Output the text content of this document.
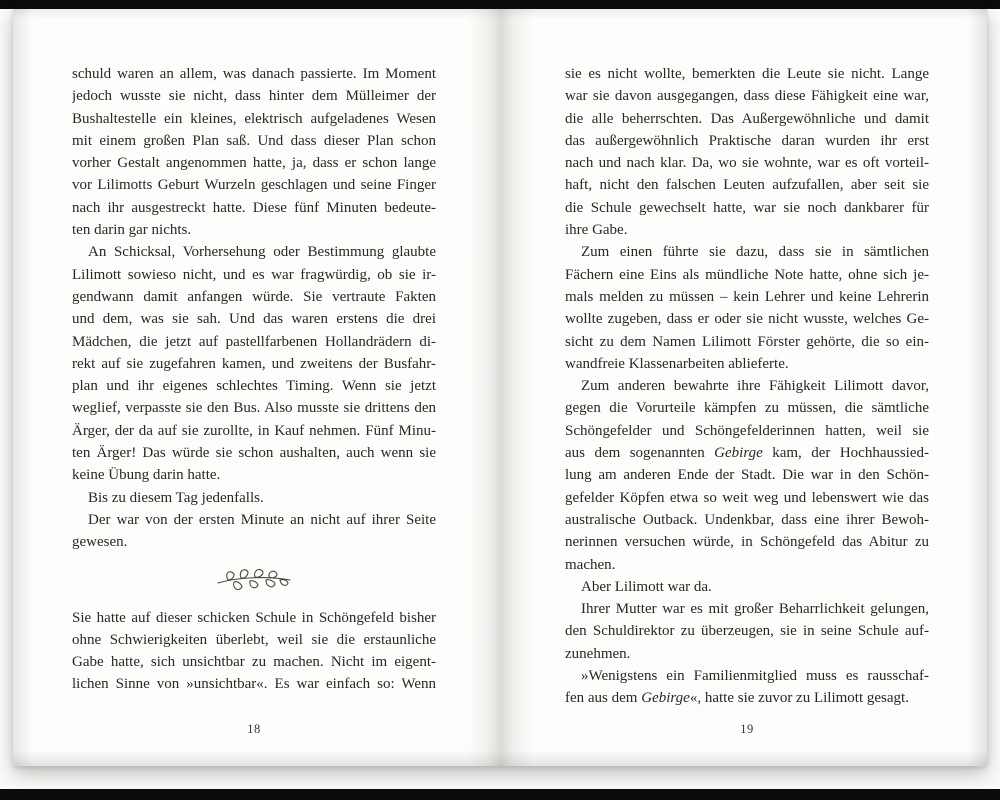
schuld waren an allem, was danach passierte. Im Moment
jedoch wusste sie nicht, dass hinter dem Mülleimer der
Bushaltestelle ein kleines, elektrisch aufgeladenes Wesen
mit einem großen Plan saß. Und dass dieser Plan schon
vorher Gestalt angenommen hatte, ja, dass er schon lange
vor Lilimotts Geburt Wurzeln geschlagen und seine Finger
nach ihr ausgestreckt hatte. Diese fünf Minuten bedeute-
ten darin gar nichts.
An Schicksal, Vorhersehung oder Bestimmung glaubte
Lilimott sowieso nicht, und es war fragwürdig, ob sie ir-
gendwann damit anfangen würde. Sie vertraute Fakten
und dem, was sie sah. Und das waren erstens die drei
Mädchen, die jetzt auf pastellfarbenen Hollandrädern di-
rekt auf sie zugefahren kamen, und zweitens der Busfahr-
plan und ihr eigenes schlechtes Timing. Wenn sie jetzt
weglief, verpasste sie den Bus. Also musste sie drittens den
Ärger, der da auf sie zurollte, in Kauf nehmen. Fünf Minu-
ten Ärger! Das würde sie schon aushalten, auch wenn sie
keine Übung darin hatte.
Bis zu diesem Tag jedenfalls.
Der war von der ersten Minute an nicht auf ihrer Seite
gewesen.
Sie hatte auf dieser schicken Schule in Schöngefeld bisher
ohne Schwierigkeiten überlebt, weil sie die erstaunliche
Gabe hatte, sich unsichtbar zu machen. Nicht im eigent-
lichen Sinne von »unsichtbar«. Es war einfach so: Wenn
sie es nicht wollte, bemerkten die Leute sie nicht. Lange
war sie davon ausgegangen, dass diese Fähigkeit eine war,
die alle beherrschten. Das Außergewöhnliche und damit
das außergewöhnlich Praktische daran wurden ihr erst
nach und nach klar. Da, wo sie wohnte, war es oft vorteil-
haft, nicht den falschen Leuten aufzufallen, aber seit sie
die Schule gewechselt hatte, war sie noch dankbarer für
ihre Gabe.
Zum einen führte sie dazu, dass sie in sämtlichen
Fächern eine Eins als mündliche Note hatte, ohne sich je-
mals melden zu müssen – kein Lehrer und keine Lehrerin
wollte zugeben, dass er oder sie nicht wusste, welches Ge-
sicht zu dem Namen Lilimott Förster gehörte, die so ein-
wandfreie Klassenarbeiten ablieferte.
Zum anderen bewahrte ihre Fähigkeit Lilimott davor,
gegen die Vorurteile kämpfen zu müssen, die sämtliche
Schöngefelder und Schöngefelderinnen hatten, weil sie
aus dem sogenannten Gebirge kam, der Hochhaussied-
lung am anderen Ende der Stadt. Die war in den Schön-
gefelder Köpfen etwa so weit weg und lebenswert wie das
australische Outback. Undenkbar, dass eine ihrer Bewoh-
nerinnen versuchen würde, in Schöngefeld das Abitur zu
machen.
Aber Lilimott war da.
Ihrer Mutter war es mit großer Beharrlichkeit gelungen,
den Schuldirektor zu überzeugen, sie in seine Schule auf-
zunehmen.
»Wenigstens ein Familienmitglied muss es rausschaf-
fen aus dem Gebirge«, hatte sie zuvor zu Lilimott gesagt.
18	19
